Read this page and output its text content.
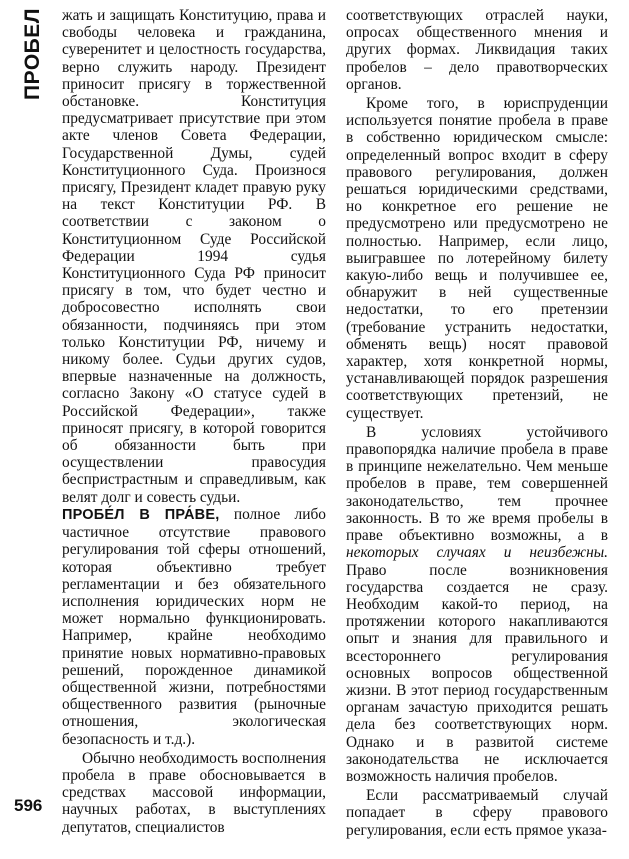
ПРОБЕЛ
596

жать и защищать Конституцию, права и свободы человека и гражданина, суверенитет и целостность государства, верно служить народу. Президент приносит присягу в торжественной обстановке. Конституция предусматривает присутствие при этом акте членов Совета Федерации, Государственной Думы, судей Конституционного Суда. Произнося присягу, Президент кладет правую руку на текст Конституции РФ. В соответствии с законом о Конституционном Суде Российской Федерации 1994 судья Конституционного Суда РФ приносит присягу в том, что будет честно и добросовестно исполнять свои обязанности, подчиняясь при этом только Конституции РФ, ничему и никому более. Судьи других судов, впервые назначенные на должность, согласно Закону «О статусе судей в Российской Федерации», также приносят присягу, в которой говорится об обязанности быть при осуществлении правосудия беспристрастным и справедливым, как велят долг и совесть судьи.

ПРОБЕ́Л В ПРА́ВЕ, полное либо частичное отсутствие правового регулирования той сферы отношений, которая объективно требует регламентации и без обязательного исполнения юридических норм не может нормально функционировать. Например, крайне необходимо принятие новых нормативно-правовых решений, порожденное динамикой общественной жизни, потребностями общественного развития (рыночные отношения, экологическая безопасность и т.д.).

Обычно необходимость восполнения пробела в праве обосновывается в средствах массовой информации, научных работах, в выступлениях депутатов, специалистов

соответствующих отраслей науки, опросах общественного мнения и других формах. Ликвидация таких пробелов – дело правотворческих органов.

Кроме того, в юриспруденции используется понятие пробела в праве в собственно юридическом смысле: определенный вопрос входит в сферу правового регулирования, должен решаться юридическими средствами, но конкретное его решение не предусмотрено или предусмотрено не полностью. Например, если лицо, выигравшее по лотерейному билету какую-либо вещь и получившее ее, обнаружит в ней существенные недостатки, то его претензии (требование устранить недостатки, обменять вещь) носят правовой характер, хотя конкретной нормы, устанавливающей порядок разрешения соответствующих претензий, не существует.

В условиях устойчивого правопорядка наличие пробела в праве в принципе нежелательно. Чем меньше пробелов в праве, тем совершенней законодательство, тем прочнее законность. В то же время пробелы в праве объективно возможны, а в некоторых случаях и неизбежны. Право после возникновения государства создается не сразу. Необходим какой-то период, на протяжении которого накапливаются опыт и знания для правильного и всестороннего регулирования основных вопросов общественной жизни. В этот период государственным органам зачастую приходится решать дела без соответствующих норм. Однако и в развитой системе законодательства не исключается возможность наличия пробелов.

Если рассматриваемый случай попадает в сферу правового регулирования, если есть прямое указа-
